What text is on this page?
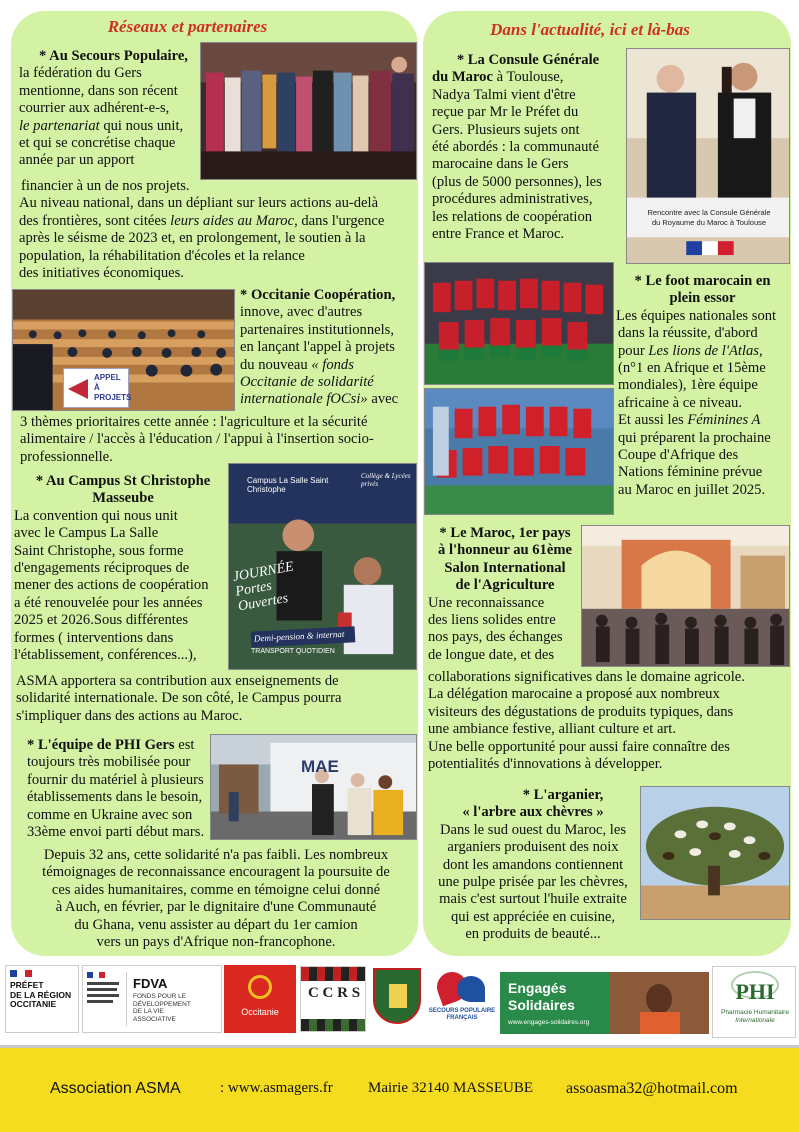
Réseaux et partenaires	Dans l'actualité, ici et là-bas
* Au Secours Populaire,
la fédération du Gers
mentionne, dans son récent
courrier aux adhérent-e-s,
le partenariat qui nous unit,
et qui se concrétise chaque
année par un apport
financier à un de nos projets.
Au niveau national, dans un dépliant sur leurs actions au-delà
des frontières, sont citées leurs aides au Maroc, dans l'urgence
après le séisme de 2023 et, en prolongement, le soutien à la
population, la réhabilitation d'écoles et la relance
des initiatives économiques.
APPEL À PROJETS
* Occitanie Coopération,
innove, avec d'autres
partenaires institutionnels,
en lançant l'appel à projets
du nouveau « fonds
Occitanie de solidarité
internationale fOCsi» avec
3 thèmes prioritaires cette année : l'agriculture et la sécurité
alimentaire / l'accès à l'éducation / l'appui à l'insertion socio-
professionnelle.
Campus La Salle Saint Christophe
Collège & Lycées privés
JOURNÉE Portes Ouvertes
Demi-pension & internat
TRANSPORT QUOTIDIEN
* Au Campus St Christophe
Masseube
La convention qui nous unit
avec le Campus La Salle
Saint Christophe, sous forme
d'engagements réciproques de
mener des actions de coopération
a été renouvelée pour les années
2025 et 2026.Sous différentes
formes ( interventions dans
l'établissement, conférences...),
ASMA apportera sa contribution aux enseignements de
solidarité internationale. De son côté, le Campus pourra
s'impliquer dans des actions au Maroc.
MAE
* L'équipe de PHI Gers est
toujours très mobilisée pour
fournir du matériel à plusieurs
établissements dans le besoin,
comme en Ukraine avec son
33ème envoi parti début mars.
Depuis 32 ans, cette solidarité n'a pas faibli. Les nombreux
témoignages de reconnaissance encouragent la poursuite de
ces aides humanitaires, comme en témoigne celui donné
à Auch, en février, par le dignitaire d'une Communauté
du Ghana, venu assister au départ du 1er camion
vers un pays d'Afrique non-francophone.
Rencontre avec la Consule Générale
du Royaume du Maroc à Toulouse
* La Consule Générale
du Maroc à Toulouse,
Nadya Talmi vient d'être
reçue par Mr le Préfet du
Gers. Plusieurs sujets ont
été abordés : la communauté
marocaine dans le Gers
(plus de 5000 personnes), les
procédures administratives,
les relations de coopération
entre France et Maroc.
* Le foot marocain en
plein essor
Les équipes nationales sont
dans la réussite, d'abord
pour Les lions de l'Atlas,
(n°1 en Afrique et 15ème
mondiales), 1ère équipe
africaine à ce niveau.
Et aussi les Féminines A
qui préparent la prochaine
Coupe d'Afrique des
Nations féminine prévue
au Maroc en juillet 2025.
* Le Maroc, 1er pays
à l'honneur au 61ème
Salon International
de l'Agriculture
Une reconnaissance
des liens solides entre
nos pays, des échanges
de longue date, et des
collaborations significatives dans le domaine agricole.
La délégation marocaine a proposé aux nombreux
visiteurs des dégustations de produits typiques, dans
une ambiance festive, alliant culture et art.
Une belle opportunité pour aussi faire connaître des
potentialités d'innovations à développer.
* L'arganier,
« l'arbre aux chèvres »
Dans le sud ouest du Maroc, les
arganiers produisent des noix
dont les amandons contiennent
une pulpe prisée par les chèvres,
mais c'est surtout l'huile extraite
qui est appréciée en cuisine,
en produits de beauté...
PRÉFET
DE LA RÉGION
OCCITANIE
FDVA
FONDS POUR LE
DÉVELOPPEMENT
DE LA VIE
ASSOCIATIVE
Occitanie
C C R S
SECOURS POPULAIRE FRANÇAIS
Engagés
Solidaires
www.engages-solidaires.org
PHI
Pharmacie Humanitaire
Internationale
Association ASMA	: www.asmagers.fr Mairie 32140 MASSEUBE assoasma32@hotmail.com
